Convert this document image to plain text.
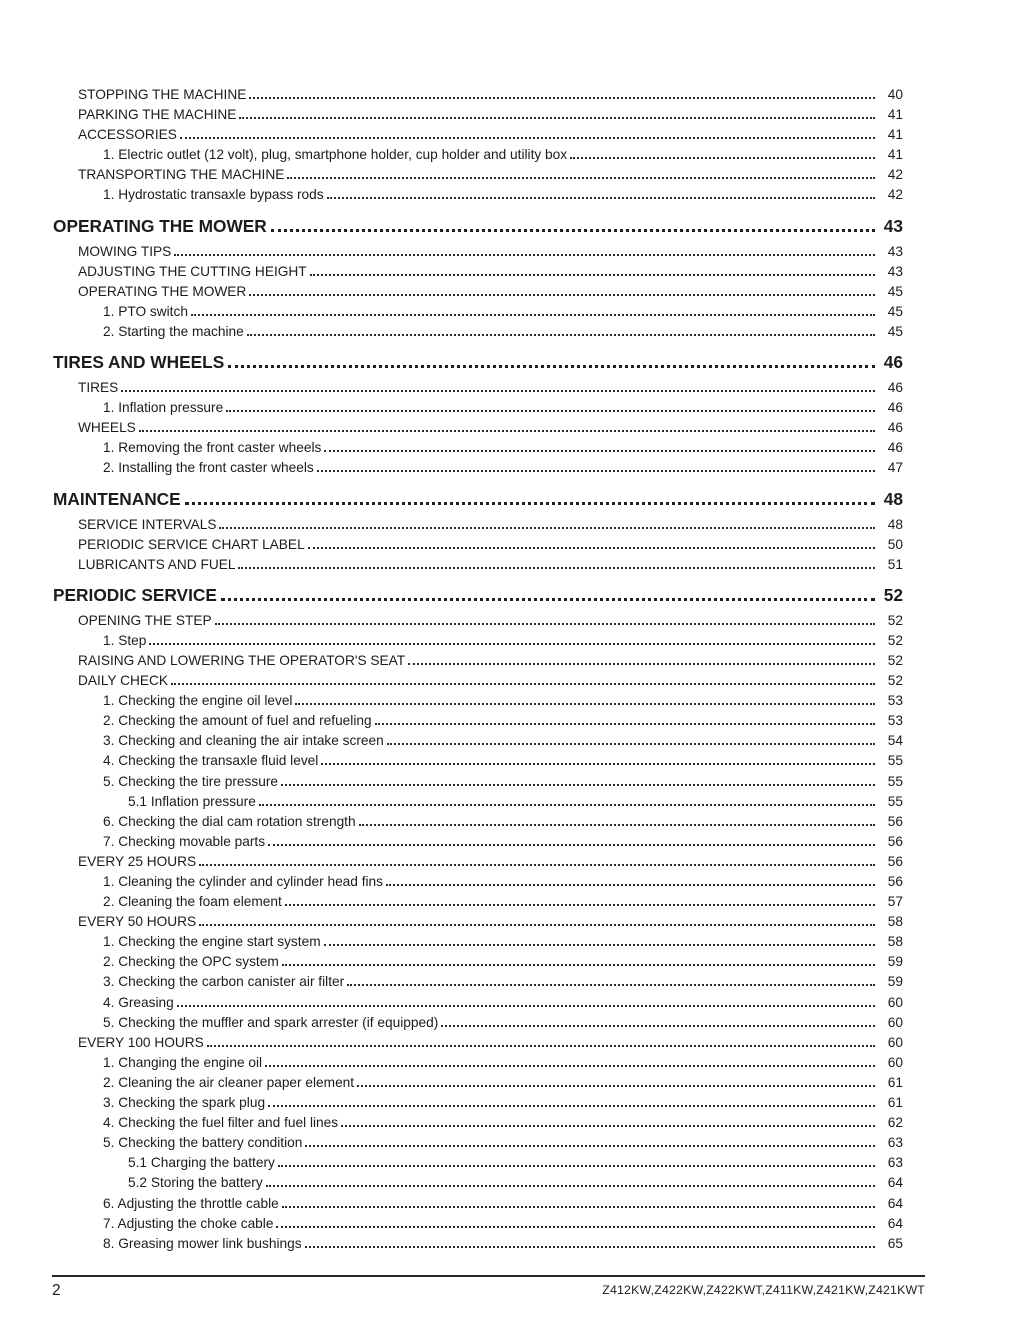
STOPPING THE MACHINE	40
PARKING THE MACHINE	41
ACCESSORIES	41
1. Electric outlet (12 volt), plug, smartphone holder, cup holder and utility box	41
TRANSPORTING THE MACHINE	42
1. Hydrostatic transaxle bypass rods	42
OPERATING THE MOWER	43
MOWING TIPS	43
ADJUSTING THE CUTTING HEIGHT	43
OPERATING THE MOWER	45
1. PTO switch	45
2. Starting the machine	45
TIRES AND WHEELS	46
TIRES	46
1. Inflation pressure	46
WHEELS	46
1. Removing the front caster wheels	46
2. Installing the front caster wheels	47
MAINTENANCE	48
SERVICE INTERVALS	48
PERIODIC SERVICE CHART LABEL	50
LUBRICANTS AND FUEL	51
PERIODIC SERVICE	52
OPENING THE STEP	52
1. Step	52
RAISING AND LOWERING THE OPERATOR'S SEAT	52
DAILY CHECK	52
1. Checking the engine oil level	53
2. Checking the amount of fuel and refueling	53
3. Checking and cleaning the air intake screen	54
4. Checking the transaxle fluid level	55
5. Checking the tire pressure	55
5.1 Inflation pressure	55
6. Checking the dial cam rotation strength	56
7. Checking movable parts	56
EVERY 25 HOURS	56
1. Cleaning the cylinder and cylinder head fins	56
2. Cleaning the foam element	57
EVERY 50 HOURS	58
1. Checking the engine start system	58
2. Checking the OPC system	59
3. Checking the carbon canister air filter	59
4. Greasing	60
5. Checking the muffler and spark arrester (if equipped)	60
EVERY 100 HOURS	60
1. Changing the engine oil	60
2. Cleaning the air cleaner paper element	61
3. Checking the spark plug	61
4. Checking the fuel filter and fuel lines	62
5. Checking the battery condition	63
5.1 Charging the battery	63
5.2 Storing the battery	64
6. Adjusting the throttle cable	64
7. Adjusting the choke cable	64
8. Greasing mower link bushings	65
2	Z412KW,Z422KW,Z422KWT,Z411KW,Z421KW,Z421KWT
